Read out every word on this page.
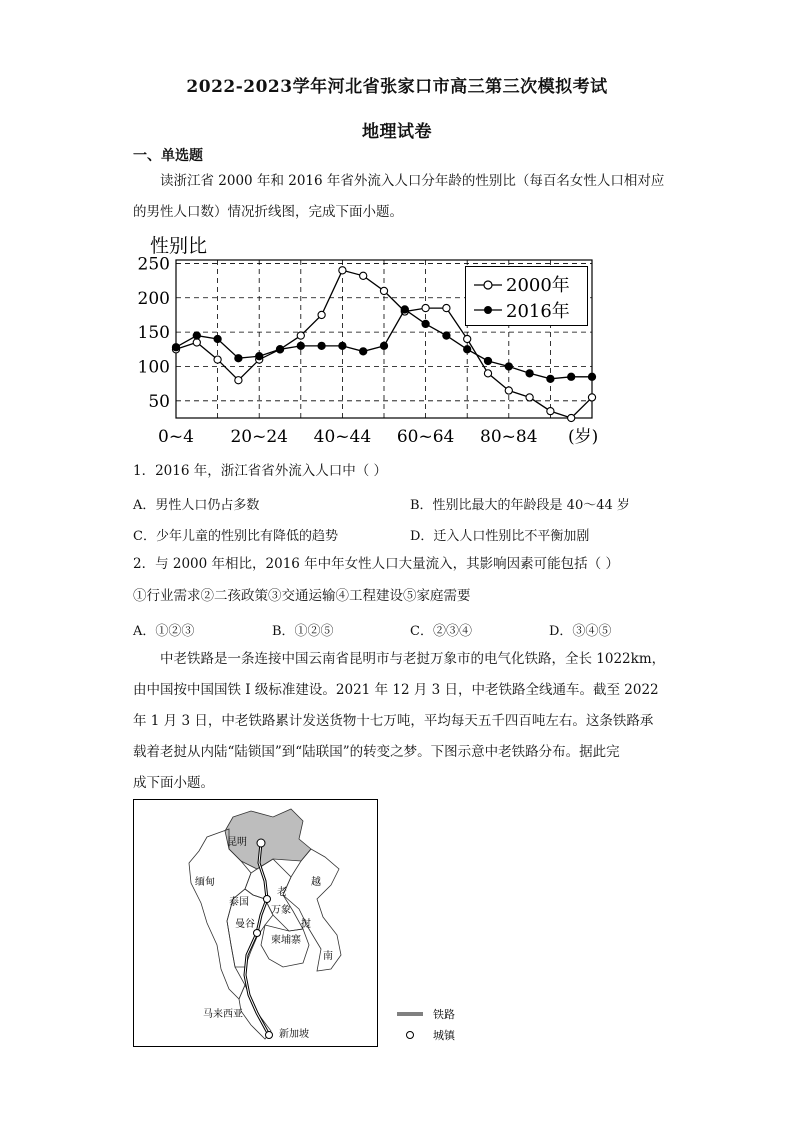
2022-2023学年河北省张家口市高三第三次模拟考试
地理试卷
一、单选题
读浙江省 2000 年和 2016 年省外流入人口分年龄的性别比（每百名女性人口相对应
的男性人口数）情况折线图，完成下面小题。
性别比
50
100
150
200
250
0~4 20~24 40~44 60~64 80~84 (岁)
2000年
2016年
1．2016 年，浙江省省外流入人口中（ ）
A．男性人口仍占多数	B．性别比最大的年龄段是 40～44 岁
C．少年儿童的性别比有降低的趋势	D．迁入人口性别比不平衡加剧
2．与 2000 年相比，2016 年中年女性人口大量流入，其影响因素可能包括（ ）
①行业需求②二孩政策③交通运输④工程建设⑤家庭需要
A．①②③	B．①②⑤	C．②③④	D．③④⑤
中老铁路是一条连接中国云南省昆明市与老挝万象市的电气化铁路，全长 1022km，
由中国按中国国铁 I 级标准建设。2021 年 12 月 3 日，中老铁路全线通车。截至 2022
年 1 月 3 日，中老铁路累计发送货物十七万吨，平均每天五千四百吨左右。这条铁路承
载着老挝从内陆“陆锁国”到“陆联国”的转变之梦。下图示意中老铁路分布。据此完
成下面小题。
昆明
缅甸	越
南
老
挝
泰国
万象
曼谷
柬埔寨
马来西亚
新加坡
铁路
城镇
